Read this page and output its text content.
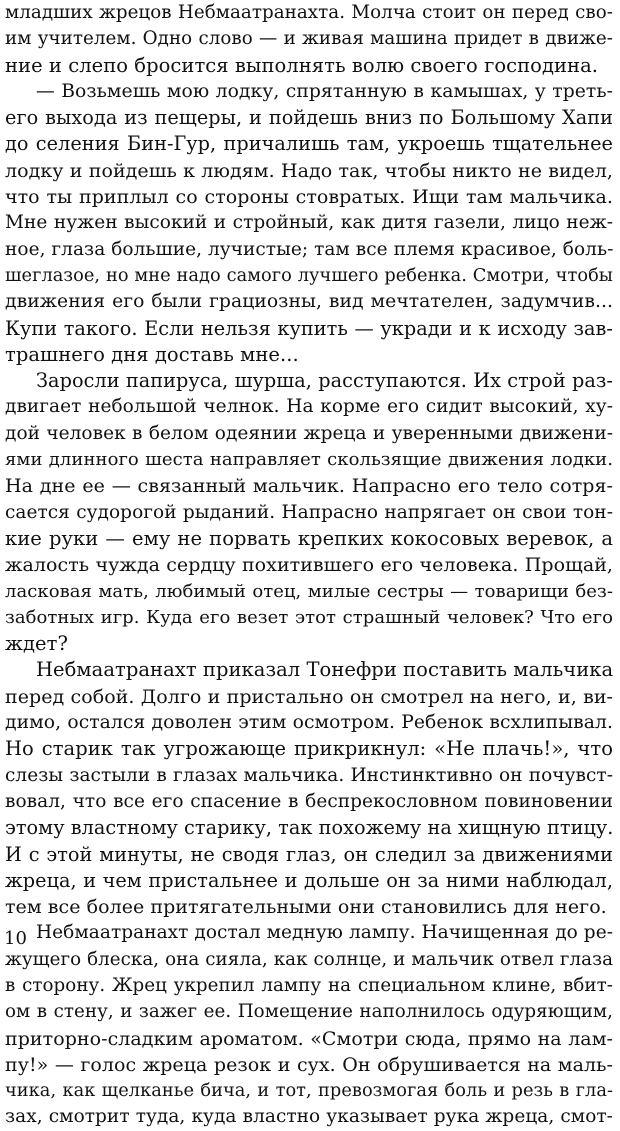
младших жрецов Небмаатранахта. Молча стоит он перед сво-
им учителем. Одно слово — и живая машина придет в движе-
ние и слепо бросится выполнять волю своего господина.
— Возьмешь мою лодку, спрятанную в камышах, у треть-
его выхода из пещеры, и пойдешь вниз по Большому Хапи
до селения Бин-Гур, причалишь там, укроешь тщательнее
лодку и пойдешь к людям. Надо так, чтобы никто не видел,
что ты приплыл со стороны стовратых. Ищи там мальчика.
Мне нужен высокий и стройный, как дитя газели, лицо неж-
ное, глаза большие, лучистые; там все племя красивое, боль-
шеглазое, но мне надо самого лучшего ребенка. Смотри, чтобы
движения его были грациозны, вид мечтателен, задумчив...
Купи такого. Если нельзя купить — укради и к исходу зав-
трашнего дня доставь мне...
Заросли папируса, шурша, расступаются. Их строй раз-
двигает небольшой челнок. На корме его сидит высокий, ху-
дой человек в белом одеянии жреца и уверенными движени-
ями длинного шеста направляет скользящие движения лодки.
На дне ее — связанный мальчик. Напрасно его тело сотря-
сается судорогой рыданий. Напрасно напрягает он свои тон-
кие руки — ему не порвать крепких кокосовых веревок, а
жалость чужда сердцу похитившего его человека. Прощай,
ласковая мать, любимый отец, милые сестры — товарищи без-
заботных игр. Куда его везет этот страшный человек? Что его
ждет?
Небмаатранахт приказал Тонефри поставить мальчика
перед собой. Долго и пристально он смотрел на него, и, ви-
димо, остался доволен этим осмотром. Ребенок всхлипывал.
Но старик так угрожающе прикрикнул: «Не плачь!», что
слезы застыли в глазах мальчика. Инстинктивно он почувст-
вовал, что все его спасение в беспрекословном повиновении
этому властному старику, так похожему на хищную птицу.
И с этой минуты, не сводя глаз, он следил за движениями
жреца, и чем пристальнее и дольше он за ними наблюдал,
тем все более притягательными они становились для него.
Небмаатранахт достал медную лампу. Начищенная до ре-
жущего блеска, она сияла, как солнце, и мальчик отвел глаза
в сторону. Жрец укрепил лампу на специальном клине, вбит-
ом в стену, и зажег ее. Помещение наполнилось одуряющим,
приторно-сладким ароматом. «Смотри сюда, прямо на лам-
пу!» — голос жреца резок и сух. Он обрушивается на маль-
чика, как щелканье бича, и тот, превозмогая боль и резь в гла-
зах, смотрит туда, куда властно указывает рука жреца, смот-
10
